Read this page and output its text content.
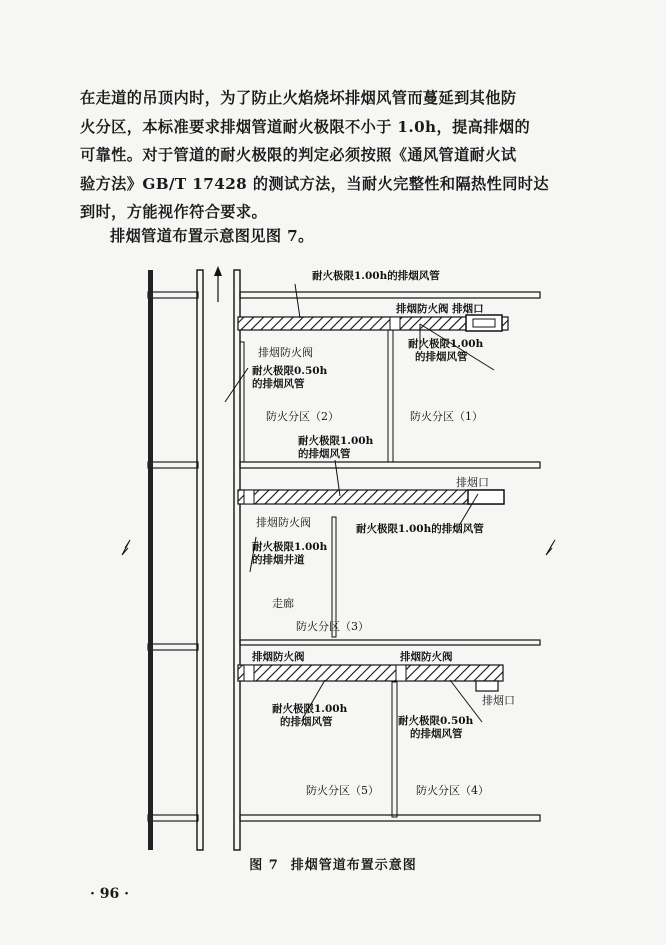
在走道的吊顶内时，为了防止火焰烧坏排烟风管而蔓延到其他防
火分区，本标准要求排烟管道耐火极限不小于 1.0h，提高排烟的
可靠性。对于管道的耐火极限的判定必须按照《通风管道耐火试
验方法》GB/T 17428 的测试方法，当耐火完整性和隔热性同时达
到时，方能视作符合要求。

排烟管道布置示意图见图 7。

耐火极限1.00h的排烟风管
排烟防火阀 排烟口
耐火极限1.00h
的排烟风管
排烟防火阀
耐火极限0.50h
的排烟风管
防火分区（2）	防火分区（1）
耐火极限1.00h
的排烟风管
排烟口
排烟防火阀	耐火极限1.00h的排烟风管
耐火极限1.00h
的排烟井道
走廊
防火分区（3）
排烟防火阀	排烟防火阀
排烟口
耐火极限1.00h
的排烟风管	耐火极限0.50h
的排烟风管
防火分区（5）	防火分区（4）

图 7 排烟管道布置示意图

· 96 ·
